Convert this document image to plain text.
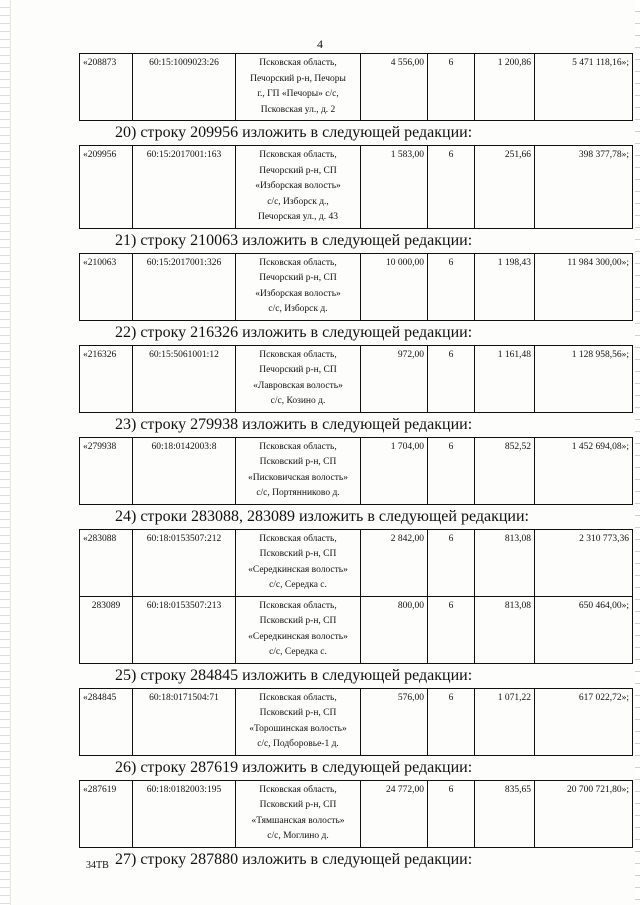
4
«208873	60:15:1009023:26	Псковская область,
Печорский р-н, Печоры
г., ГП «Печоры» с/с,
Псковская ул., д. 2
	4 556,00	6	1 200,86	5 471 118,16»;
20) строку 209956 изложить в следующей редакции:
«209956	60:15:2017001:163	Псковская область,
Печорский р-н, СП
«Изборская волость»
с/с, Изборск д.,
Печорская ул., д. 43
	1 583,00	6	251,66	398 377,78»;
21) строку 210063 изложить в следующей редакции:
«210063	60:15:2017001:326	Псковская область,
Печорский р-н, СП
«Изборская волость»
с/с, Изборск д.
	10 000,00	6	1 198,43	11 984 300,00»;
22) строку 216326 изложить в следующей редакции:
«216326	60:15:5061001:12	Псковская область,
Печорский р-н, СП
«Лавровская волость»
с/с, Козино д.
	972,00	6	1 161,48	1 128 958,56»;
23) строку 279938 изложить в следующей редакции:
«279938	60:18:0142003:8	Псковская область,
Псковский р-н, СП
«Писковичская волость»
с/с, Портянниково д.
	1 704,00	6	852,52	1 452 694,08»;
24) строки 283088, 283089 изложить в следующей редакции:
«283088	60:18:0153507:212	Псковская область,
Псковский р-н, СП
«Середкинская волость»
с/с, Середка с.	2 842,00	6	813,08	2 310 773,36
283089	60:18:0153507:213	Псковская область,
Псковский р-н, СП
«Середкинская волость»
с/с, Середка с.	800,00	6	813,08	650 464,00»;
25) строку 284845 изложить в следующей редакции:
«284845	60:18:0171504:71	Псковская область,
Псковский р-н, СП
«Торошинская волость»
с/с, Подборовье-1 д.
	576,00	6	1 071,22	617 022,72»;
26) строку 287619 изложить в следующей редакции:
«287619	60:18:0182003:195	Псковская область,
Псковский р-н, СП
«Тямшанская волость»
с/с, Моглино д.
	24 772,00	6	835,65	20 700 721,80»;
27) строку 287880 изложить в следующей редакции:
34ТВ
